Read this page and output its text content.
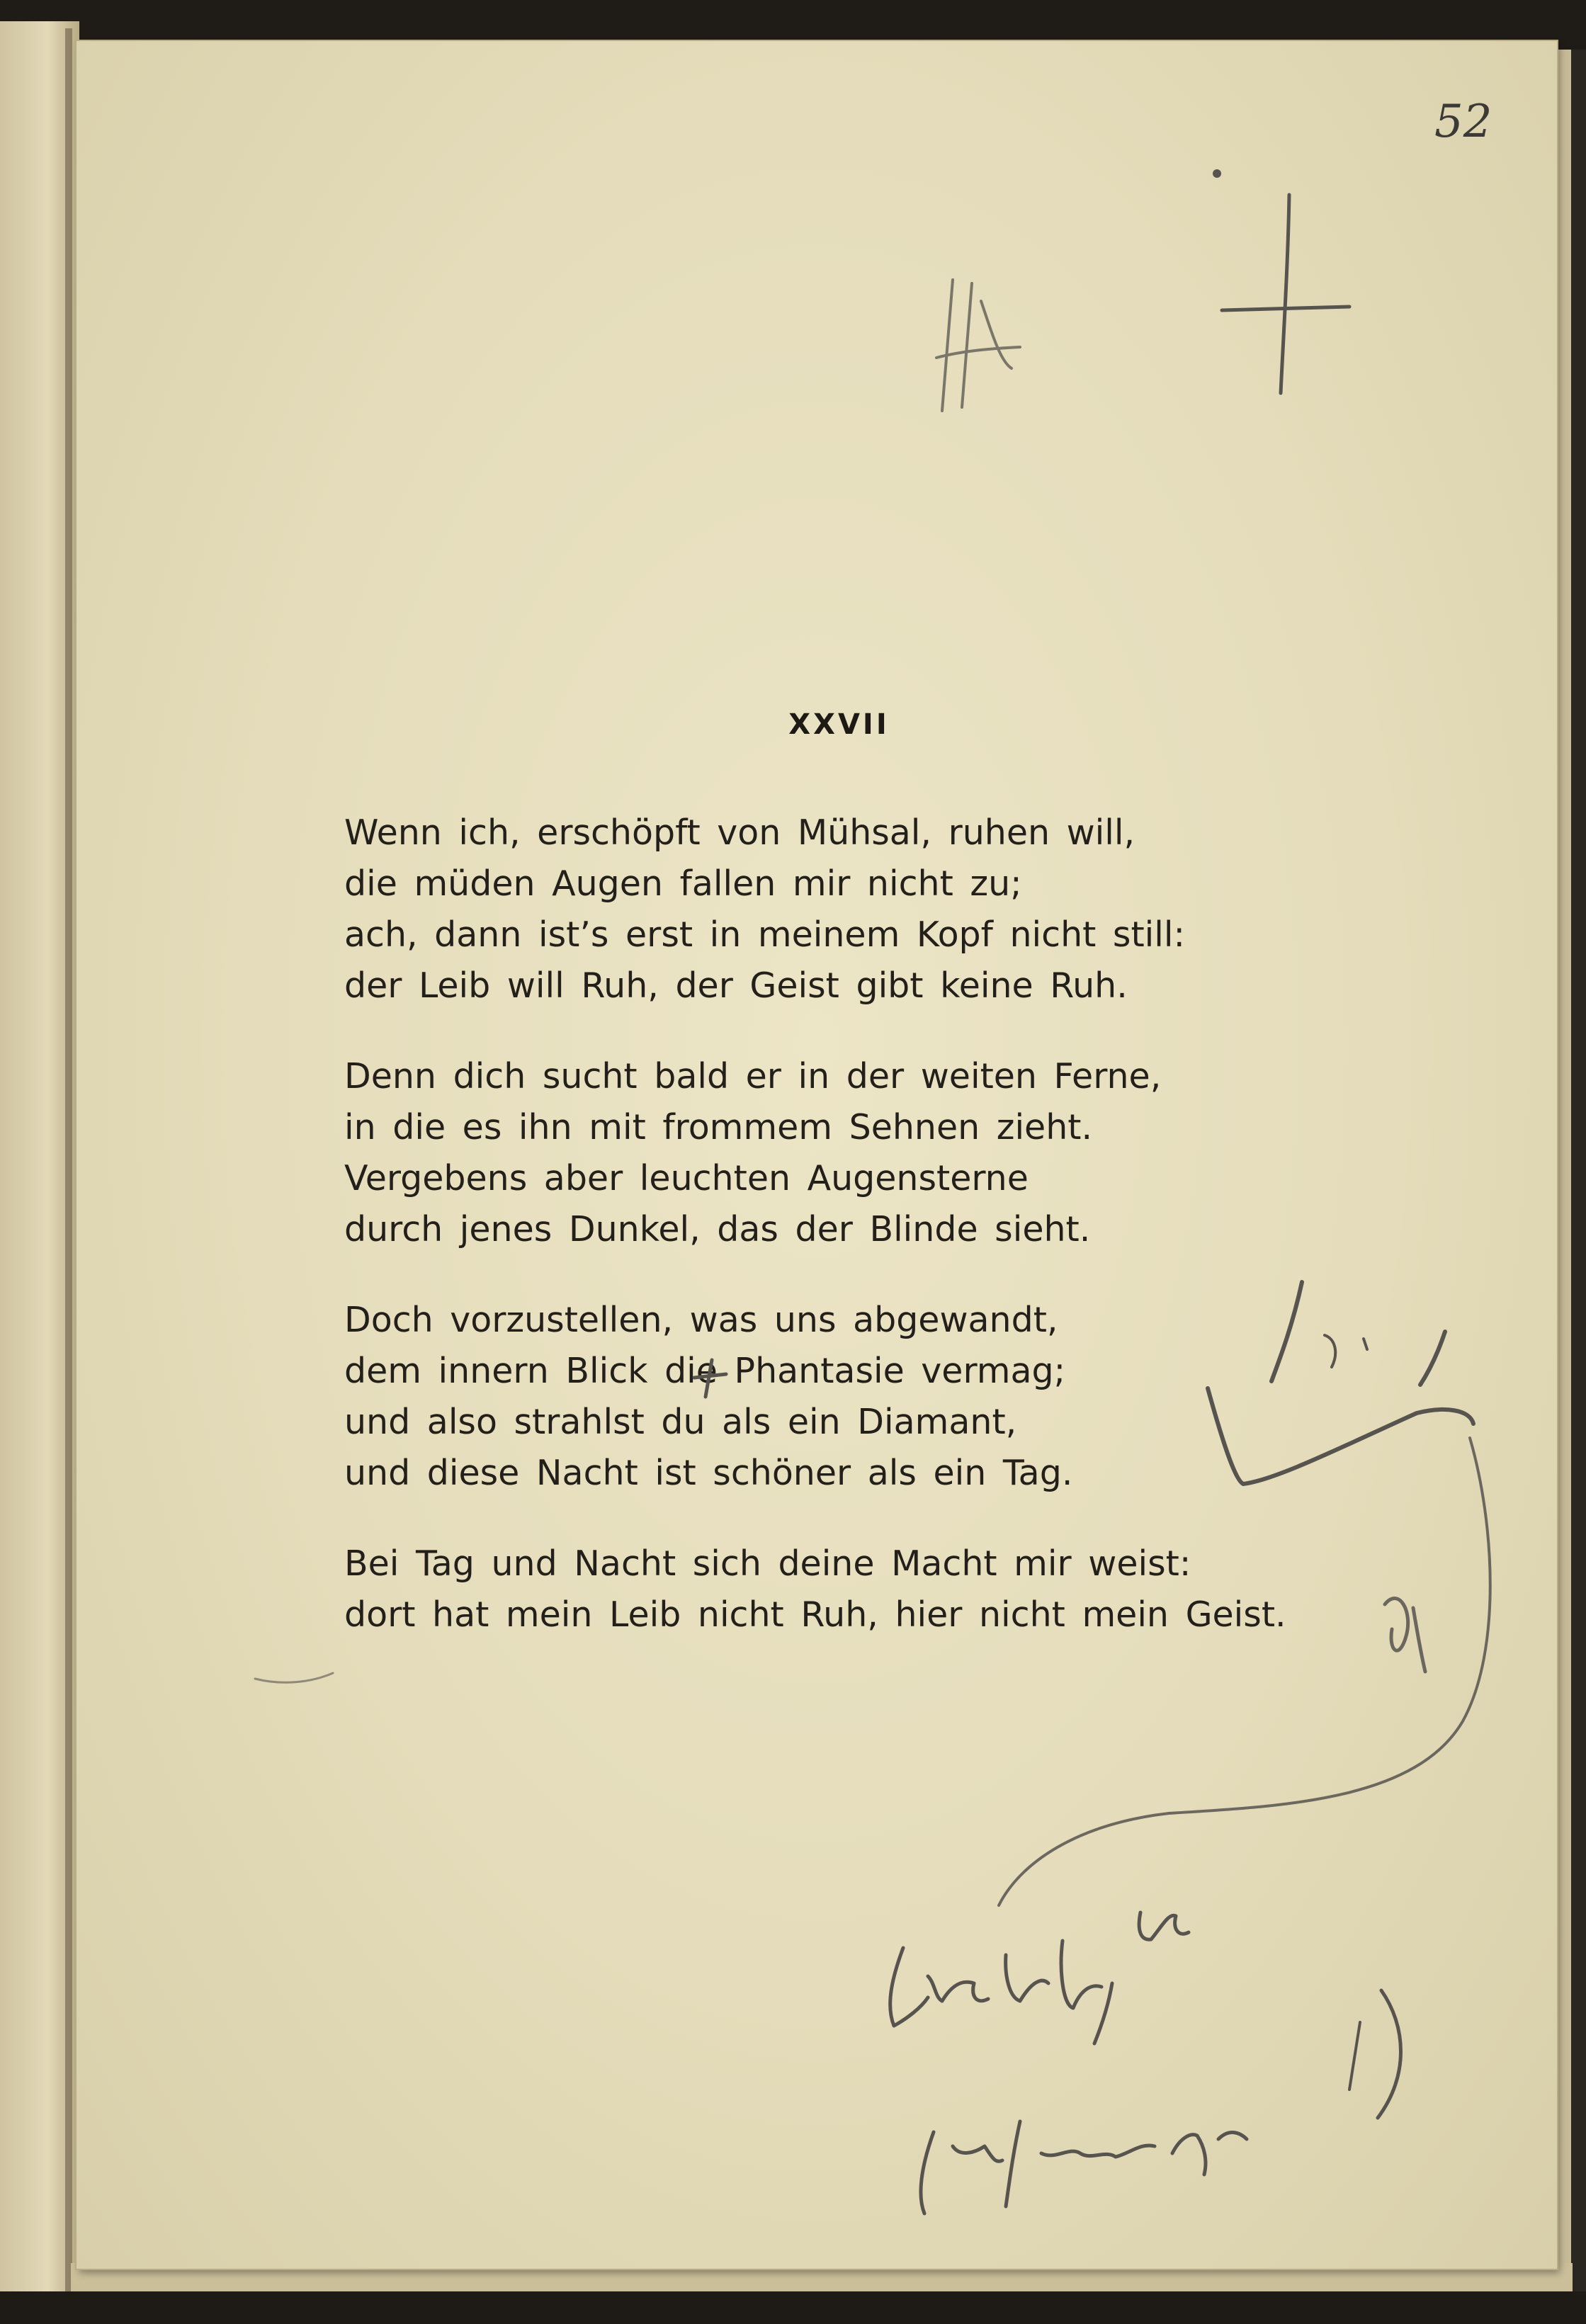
52
XXVII
Wenn ich, erschöpft von Mühsal, ruhen will,
die müden Augen fallen mir nicht zu;
ach, dann ist’s erst in meinem Kopf nicht still:
der Leib will Ruh, der Geist gibt keine Ruh.
Denn dich sucht bald er in der weiten Ferne,
in die es ihn mit frommem Sehnen zieht.
Vergebens aber leuchten Augensterne
durch jenes Dunkel, das der Blinde sieht.
Doch vorzustellen, was uns abgewandt,
dem innern Blick die Phantasie vermag;
und also strahlst du als ein Diamant,
und diese Nacht ist schöner als ein Tag.
Bei Tag und Nacht sich deine Macht mir weist:
dort hat mein Leib nicht Ruh, hier nicht mein Geist.
